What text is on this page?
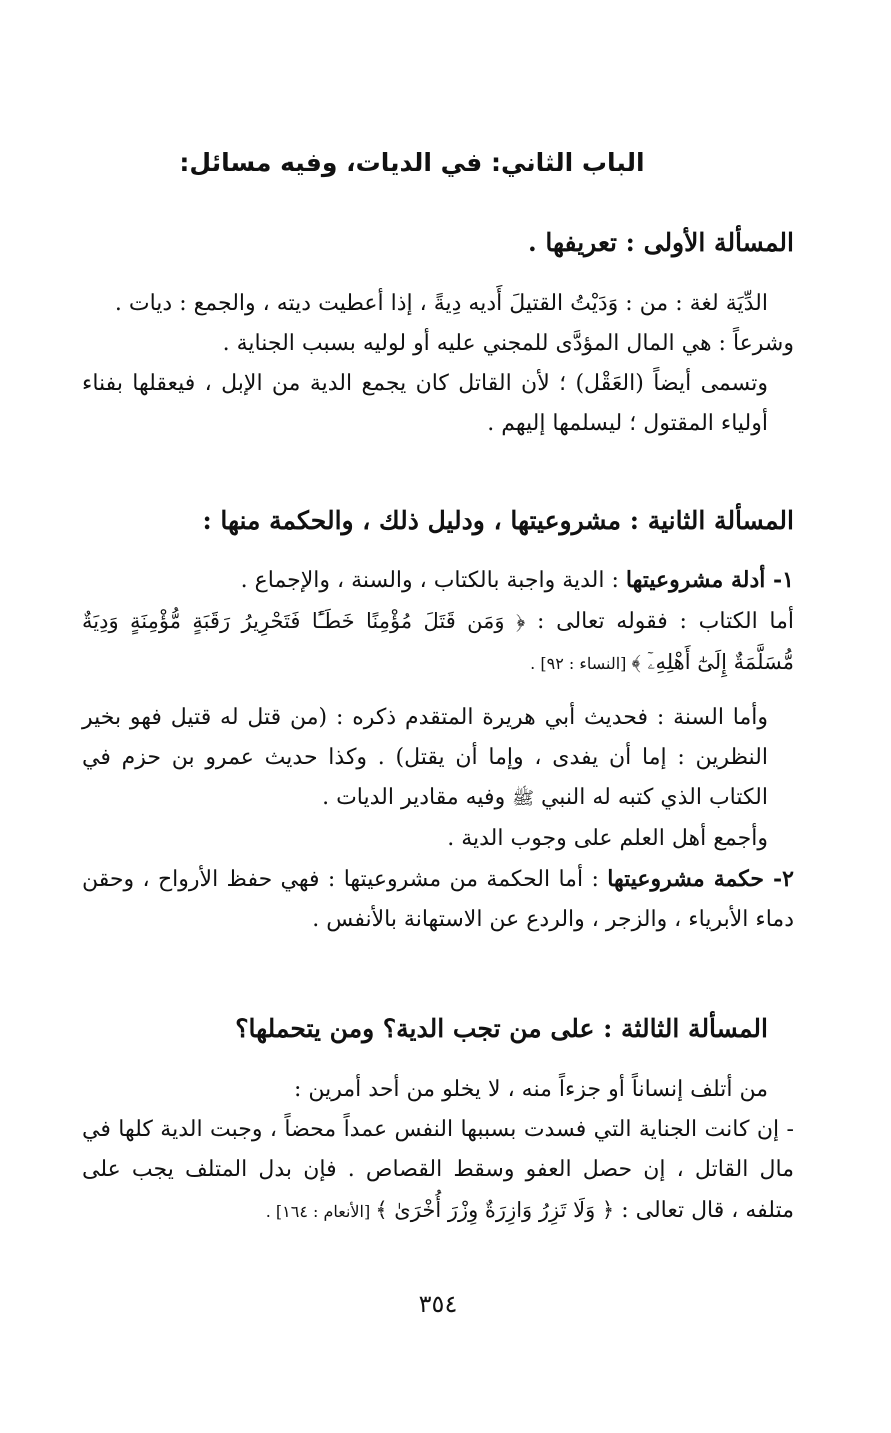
الباب الثاني: في الديات، وفيه مسائل:
المسألة الأولى : تعريفها .

الدِّيَة لغة : من : وَدَيْتُ القتيلَ أَديه دِيةً ، إذا أعطيت ديته ، والجمع : ديات .

وشرعاً : هي المال المؤدَّى للمجني عليه أو لوليه بسبب الجناية .

وتسمى أيضاً (العَقْل) ؛ لأن القاتل كان يجمع الدية من الإبل ، فيعقلها بفناء أولياء المقتول ؛ ليسلمها إليهم .

المسألة الثانية : مشروعيتها ، ودليل ذلك ، والحكمة منها :

١- أدلة مشروعيتها : الدية واجبة بالكتاب ، والسنة ، والإجماع .

أما الكتاب : فقوله تعالى : ﴿ وَمَن قَتَلَ مُؤْمِنًا خَطَـًٔا فَتَحْرِيرُ رَقَبَةٍ مُّؤْمِنَةٍ وَدِيَةٌ مُّسَلَّمَةٌ إِلَىٰٓ أَهْلِهِۦٓ ﴾ [النساء : ٩٢] .

وأما السنة : فحديث أبي هريرة المتقدم ذكره : (من قتل له قتيل فهو بخير النظرين : إما أن يفدى ، وإما أن يقتل) . وكذا حديث عمرو بن حزم في الكتاب الذي كتبه له النبي ﷺ وفيه مقادير الديات .

وأجمع أهل العلم على وجوب الدية .

٢- حكمة مشروعيتها : أما الحكمة من مشروعيتها : فهي حفظ الأرواح ، وحقن دماء الأبرياء ، والزجر ، والردع عن الاستهانة بالأنفس .

المسألة الثالثة : على من تجب الدية؟ ومن يتحملها؟

من أتلف إنساناً أو جزءاً منه ، لا يخلو من أحد أمرين :

- إن كانت الجناية التي فسدت بسببها النفس عمداً محضاً ، وجبت الدية كلها في مال القاتل ، إن حصل العفو وسقط القصاص . فإن بدل المتلف يجب على متلفه ، قال تعالى : ﴿ وَلَا تَزِرُ وَازِرَةٌ وِزْرَ أُخْرَىٰ ﴾ [الأنعام : ١٦٤] .

٣٥٤
